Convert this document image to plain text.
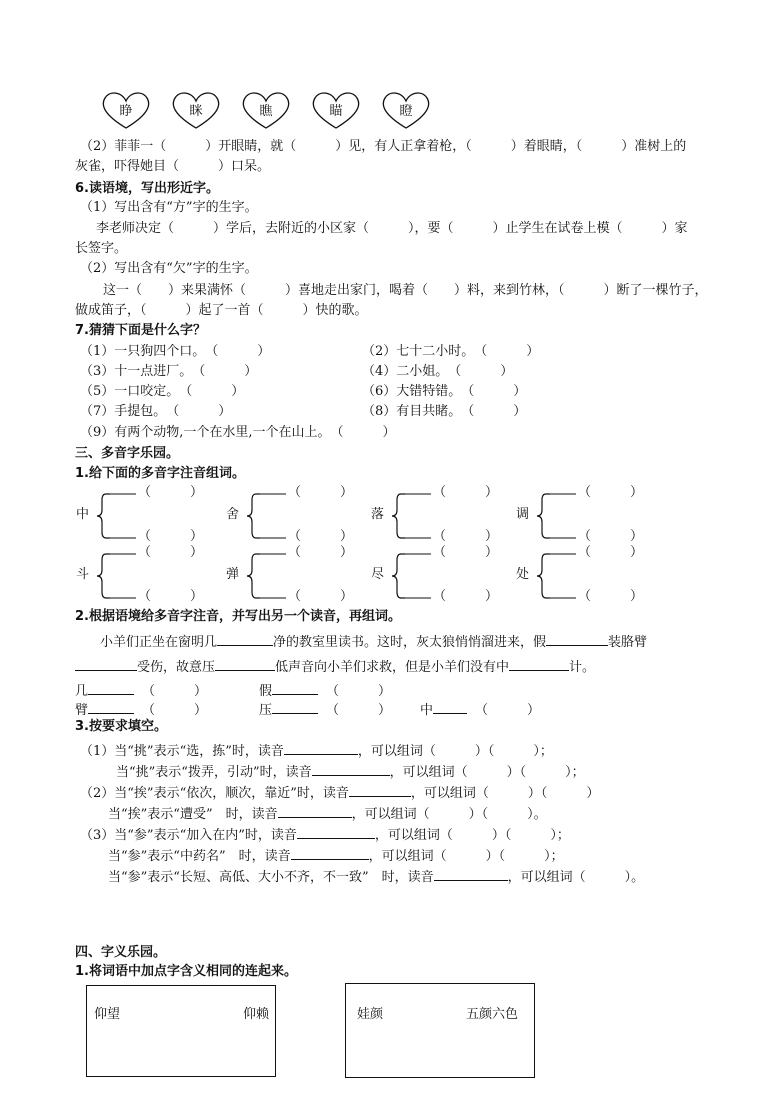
睁	眯	瞧	瞄	瞪
（2）菲菲一（　　　）开眼睛，就（　　　）见，有人正拿着枪，（　　　）着眼睛，（　　　）准树上的
灰雀，吓得她目（　　　）口呆。
6.读语境，写出形近字。
（1）写出含有“方”字的生字。
李老师决定（　　　）学后，去附近的小区家（　　　），要（　　　）止学生在试卷上模（　　　）家
长签字。
（2）写出含有“欠”字的生字。
这一（　　）来果满怀（　　　）喜地走出家门，喝着（　　）料，来到竹林，（　　　）断了一棵竹子，
做成笛子，（　　　）起了一首（　　　）快的歌。
7.猜猜下面是什么字？
（1）一只狗四个口。　（　　　）	（2）七十二小时。　（　　　）
（3）十一点进厂。　（　　　）	（4）二小姐。　（　　　）
（5）一口咬定。　（　　　）	（6）大错特错。　（　　　）
（7）手提包。　（　　　）	（8）有目共睹。　（　　　）
（9）有两个动物,一个在水里,一个在山上。　（　　　）
三、多音字乐园。
1.给下面的多音字注音组词。
中
（　　　）
（　　　）
舍
（　　　）
（　　　）
落
（　　　）
（　　　）
调
（　　　）
（　　　）
斗
（　　　）
（　　　）
弹
（　　　）
（　　　）
尽
（　　　）
（　　　）
处
（　　　）
（　　　）
2.根据语境给多音字注音，并写出另一个读音，再组词。
小羊们正坐在窗明几	净的教室里读书。这时，灰太狼悄悄溜进来，假	装胳臂
受伤，故意压	低声音向小羊们求救，但是小羊们没有中	计。
几	（　　　）	假	（　　　）
臂	（　　　）	压	（　　　） 中	（　　　）
3.按要求填空。
（1）当“挑”表示“选，拣”时，读音	，可以组词（　　　）（　　　）；
当“挑”表示“拨弄，引动”时，读音	，可以组词（　　　）（　　　）；
（2）当“挨”表示“依次，顺次，靠近”时，读音	，可以组词（　　　）（　　　）
当“挨”表示“遭受”　时，读音	，可以组词（　　　）（　　　）。
（3）当“参”表示“加入在内”时，读音	，可以组词（　　　）（　　　）；
当“参”表示“中药名”　时，读音	，可以组词（　　　）（　　　）；
当“参”表示“长短、高低、大小不齐，不一致”　时，读音	，可以组词（　　　）。
四、字义乐园。
1.将词语中加点字含义相同的连起来。
仰望	仰赖	娃颜	五颜六色
